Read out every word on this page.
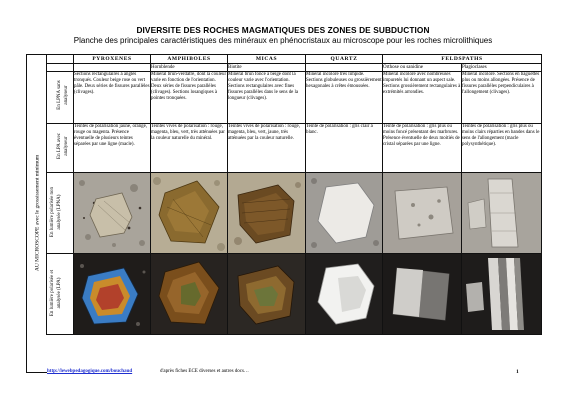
DIVERSITE DES ROCHES MAGMATIQUES DES ZONES DE SUBDUCTION
Planche des principales caractéristiques des minéraux en phénocristaux au microscope pour les roches microlithiques
AU MICROSCOPE avec le grossissement minimum
	PYROXENES	AMPHIBOLES	MICAS	QUARTZ	FELDSPATHS	
		Hornblende	Biotite		Orthose ou sanidine	Plagioclases

En LPNA sans analyseur	Sections rectangulaires à angles tronqués. Couleur beige rose ou vert pâle. Deux séries de fissures parallèles (clivages).	Minéral brun-verdâtre, dont la couleur varie en fonction de l'orientation. Deux séries de fissures parallèles (clivages). Sections losangiques à pointes tronquées.	Minéral brun foncé à beige dont la couleur varie avec l'orientation. Sections rectangulaires avec fines fissures parallèles dans le sens de la longueur (clivages).	Minéral incolore très limpide. Sections globuleuses ou grossièrement hexagonales à crêtes émoussées.	Minéral incolore avec nombreuses impuretés lui donnant un aspect sale. Sections grossièrement rectangulaires à extrémités arrondies.	Minéral incolore. Sections en baguettes plus ou moins allongées. Présence de fissures parallèles perpendiculaires à l'allongement (clivages).

En LPA avec analyseur	Teintes de polarisation jaune, orange, rouge ou magenta. Présence éventuelle de plusieurs teintes séparées par une ligne (macle).	Teintes vives de polarisation : rouge, magenta, bleu, vert, très atténuées par la couleur naturelle du minéral.	Teintes vives de polarisation : rouge, magenta, bleu, vert, jaune, très atténuées par la couleur naturelle.	Teinte de polarisation : gris clair à blanc.	Teinte de polarisation : gris plus ou moins foncé présentant des marbrures. Présence éventuelle de deux moitiés de cristal séparées par une ligne.	Teintes de polarisation : gris plus ou moins clairs réparties en bandes dans le sens de l'allongement (macle polysynthétique).

En lumière polarisée non analysée (LPNA)

En lumière polarisée et analysée (LPA)

http://lewebpedagogique.com/bouchaud	d'après fiches ECE diverses et autres docs…	1
